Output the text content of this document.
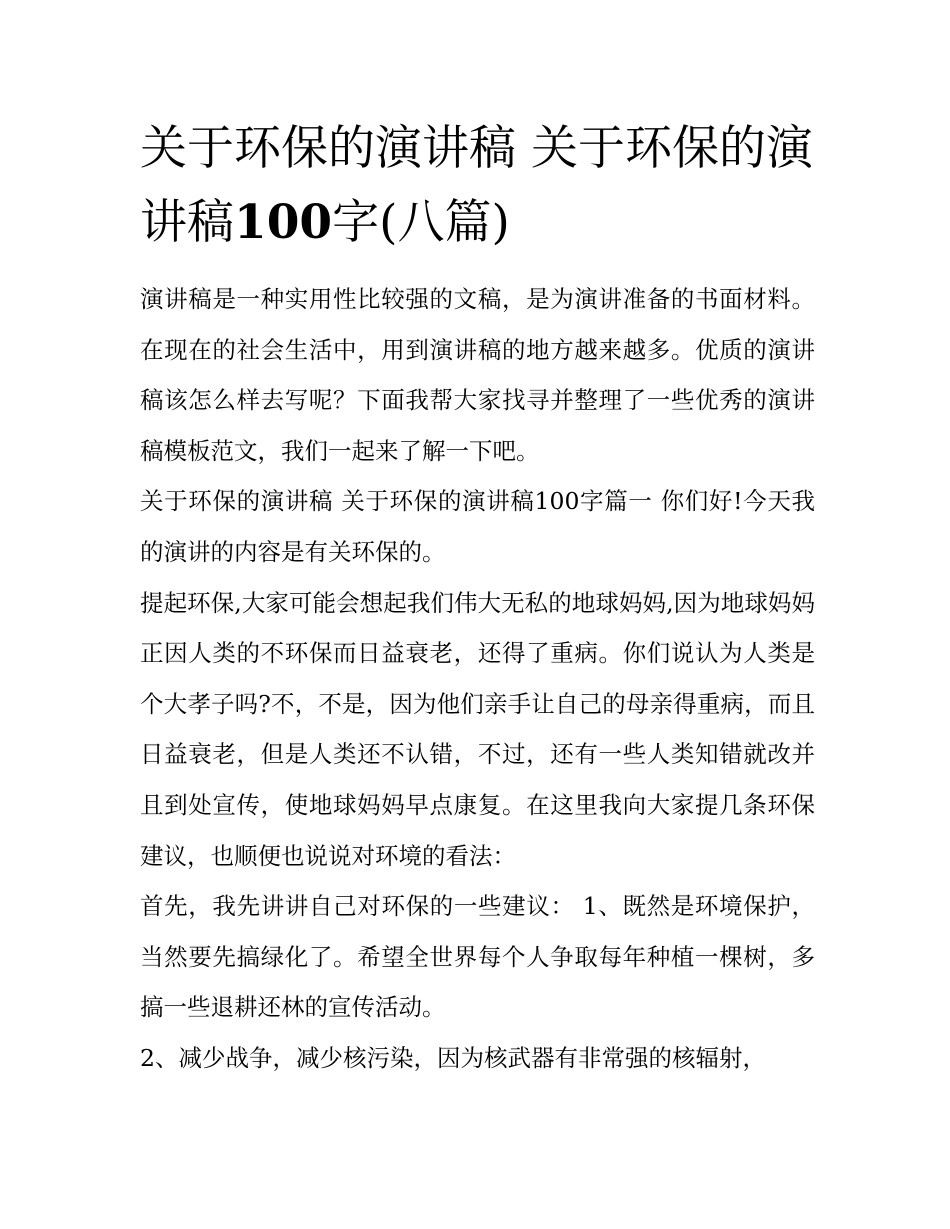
关于环保的演讲稿 关于环保的演讲稿100字(八篇)

演讲稿是一种实用性比较强的文稿，是为演讲准备的书面材料。在现在的社会生活中，用到演讲稿的地方越来越多。优质的演讲稿该怎么样去写呢？下面我帮大家找寻并整理了一些优秀的演讲稿模板范文，我们一起来了解一下吧。

关于环保的演讲稿 关于环保的演讲稿100字篇一 你们好!今天我的演讲的内容是有关环保的。

提起环保,大家可能会想起我们伟大无私的地球妈妈,因为地球妈妈正因人类的不环保而日益衰老，还得了重病。你们说认为人类是个大孝子吗?不，不是，因为他们亲手让自己的母亲得重病，而且日益衰老，但是人类还不认错，不过，还有一些人类知错就改并且到处宣传，使地球妈妈早点康复。在这里我向大家提几条环保建议，也顺便也说说对环境的看法：

首先，我先讲讲自己对环保的一些建议： 1、既然是环境保护，当然要先搞绿化了。希望全世界每个人争取每年种植一棵树，多搞一些退耕还林的宣传活动。

2、减少战争，减少核污染，因为核武器有非常强的核辐射，
